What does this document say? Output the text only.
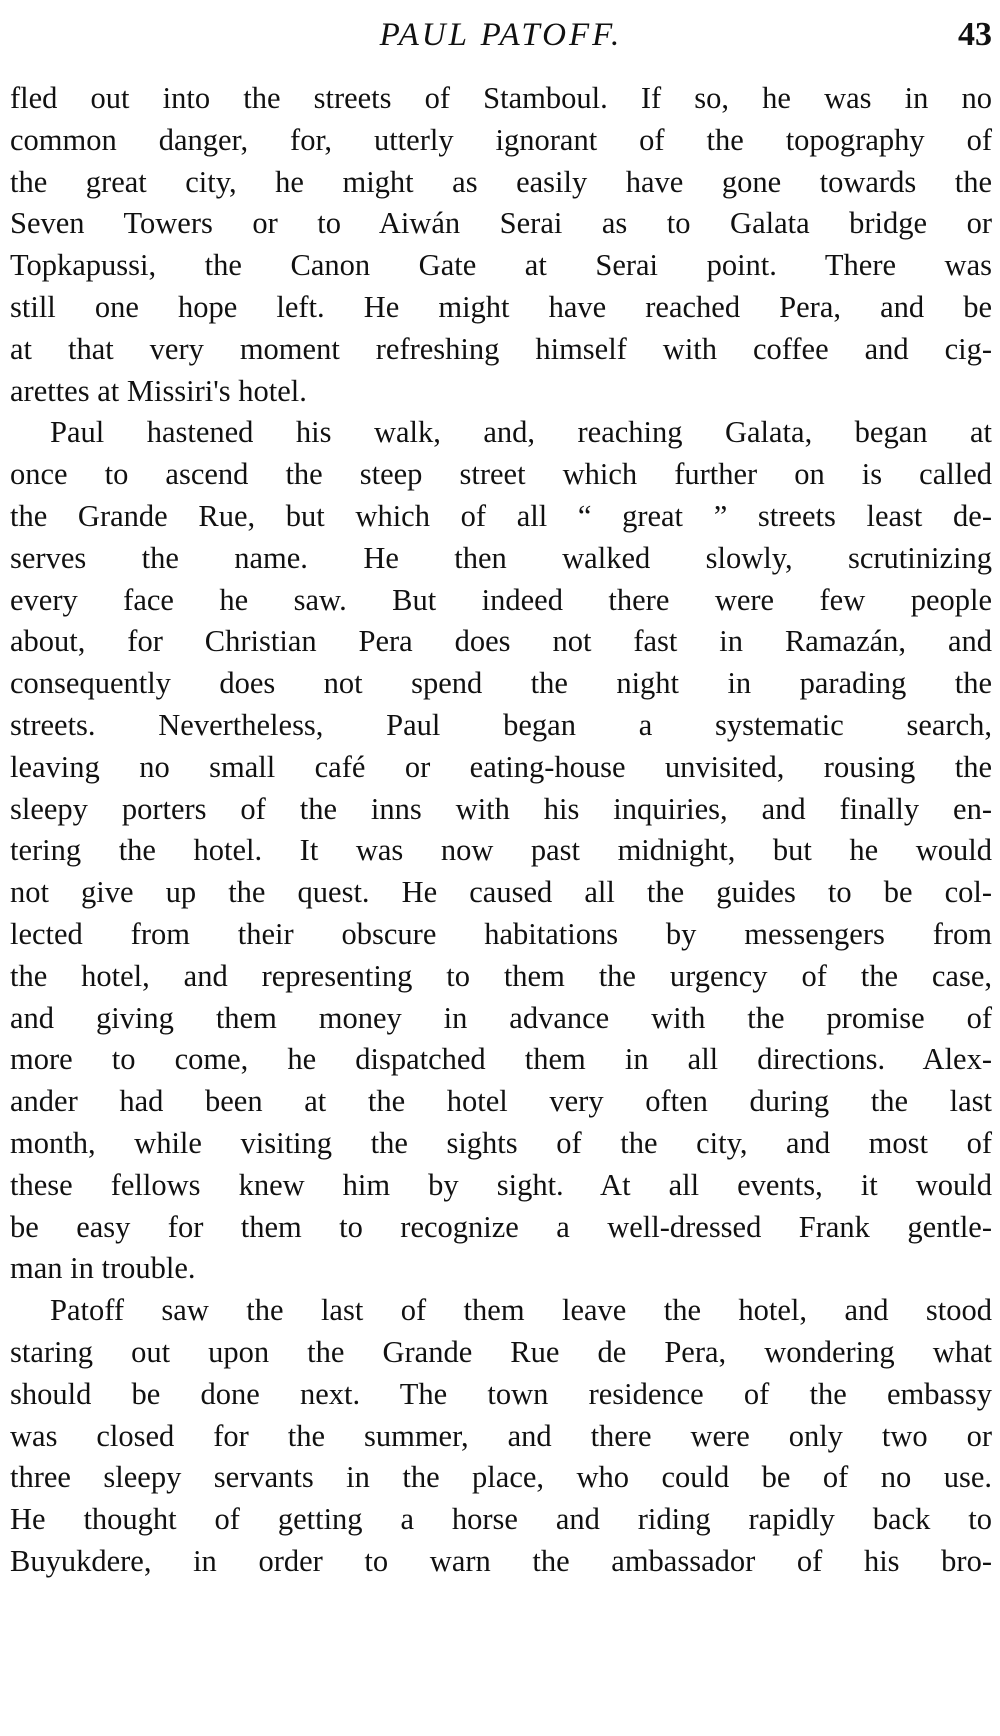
PAUL PATOFF.	43
fled out into the streets of Stamboul. If so, he was in no
common danger, for, utterly ignorant of the topography of
the great city, he might as easily have gone towards the
Seven Towers or to Aiwán Serai as to Galata bridge or
Topkapussi, the Canon Gate at Serai point. There was
still one hope left. He might have reached Pera, and be
at that very moment refreshing himself with coffee and cig-
arettes at Missiri's hotel.
Paul hastened his walk, and, reaching Galata, began at
once to ascend the steep street which further on is called
the Grande Rue, but which of all “ great ” streets least de-
serves the name. He then walked slowly, scrutinizing
every face he saw. But indeed there were few people
about, for Christian Pera does not fast in Ramazán, and
consequently does not spend the night in parading the
streets. Nevertheless, Paul began a systematic search,
leaving no small café or eating-house unvisited, rousing the
sleepy porters of the inns with his inquiries, and finally en-
tering the hotel. It was now past midnight, but he would
not give up the quest. He caused all the guides to be col-
lected from their obscure habitations by messengers from
the hotel, and representing to them the urgency of the case,
and giving them money in advance with the promise of
more to come, he dispatched them in all directions. Alex-
ander had been at the hotel very often during the last
month, while visiting the sights of the city, and most of
these fellows knew him by sight. At all events, it would
be easy for them to recognize a well-dressed Frank gentle-
man in trouble.
Patoff saw the last of them leave the hotel, and stood
staring out upon the Grande Rue de Pera, wondering what
should be done next. The town residence of the embassy
was closed for the summer, and there were only two or
three sleepy servants in the place, who could be of no use.
He thought of getting a horse and riding rapidly back to
Buyukdere, in order to warn the ambassador of his bro-
